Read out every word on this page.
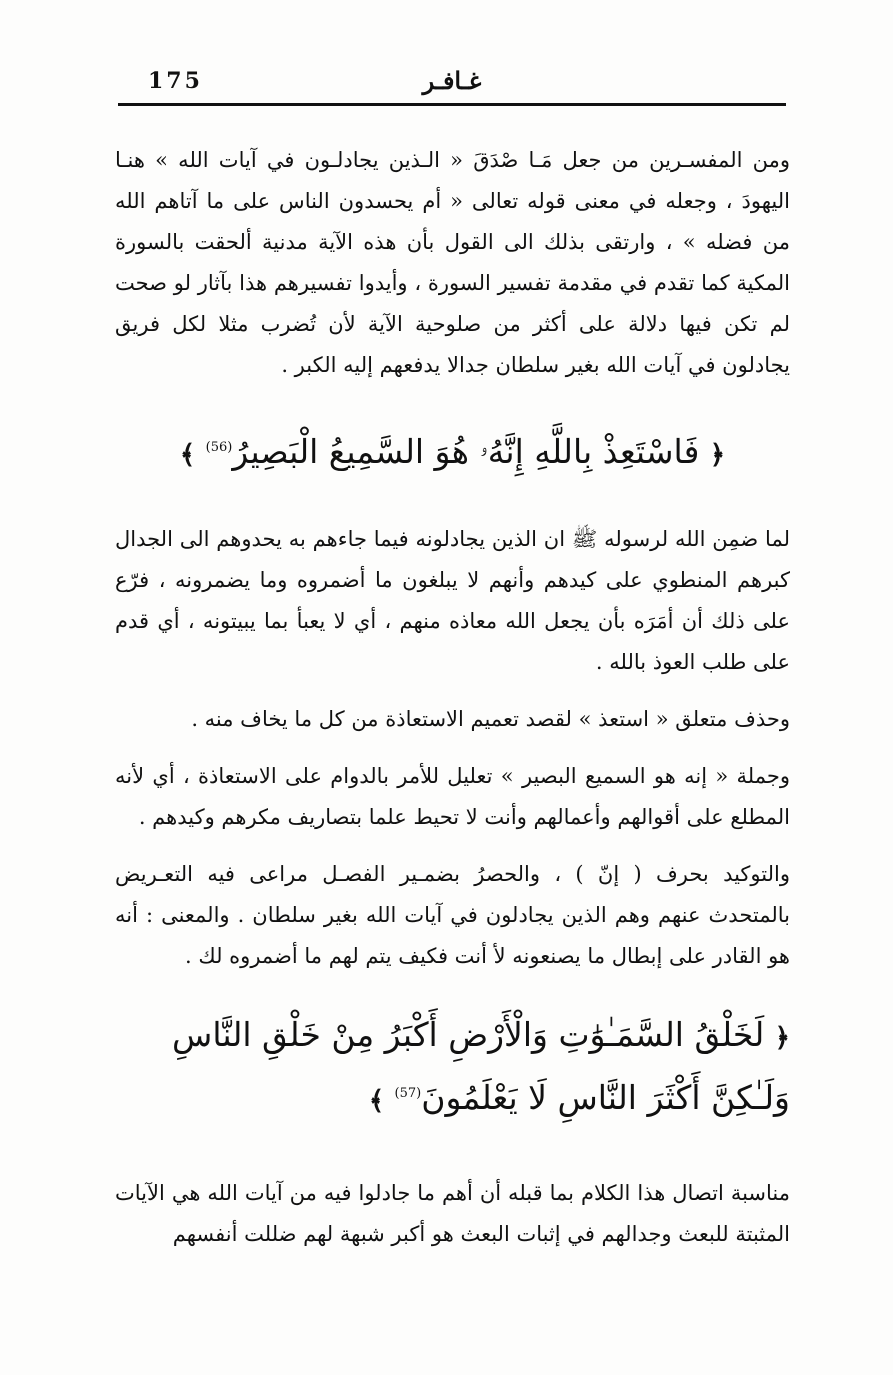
175	غـافـر

ومن المفسـرين من جعل مَـا صْدَقَ « الـذين يجادلـون في آيات الله » هنـا اليهودَ ، وجعله في معنى قوله تعالى « أم يحسدون الناس على ما آتاهم الله من فضله » ، وارتقى بذلك الى القول بأن هذه الآية مدنية ألحقت بالسورة المكية كما تقدم في مقدمة تفسير السورة ، وأيدوا تفسيرهم هذا بآثار لو صحت لم تكن فيها دلالة على أكثر من صلوحية الآية لأن تُضرب مثلا لكل فريق يجادلون في آيات الله بغير سلطان جدالا يدفعهم إليه الكبر .

﴿ فَاسْتَعِذْ بِاللَّهِ إِنَّهُۥ هُوَ السَّمِيعُ الْبَصِيرُ$^{(56)}$ ﴾

لما ضمِن الله لرسوله ﷺ ان الذين يجادلونه فيما جاءهم به يحدوهم الى الجدال كبرهم المنطوي على كيدهم وأنهم لا يبلغون ما أضمروه وما يضمرونه ، فرّع على ذلك أن أمَرَه بأن يجعل الله معاذه منهم ، أي لا يعبأ بما يبيتونه ، أي قدم على طلب العوذ بالله .

وحذف متعلق « استعذ » لقصد تعميم الاستعاذة من كل ما يخاف منه .

وجملة « إنه هو السميع البصير » تعليل للأمر بالدوام على الاستعاذة ، أي لأنه المطلع على أقوالهم وأعمالهم وأنت لا تحيط علما بتصاريف مكرهم وكيدهم .

والتوكيد بحرف ( إنّ ) ، والحصرُ بضمـير الفصـل مراعى فيه التعـريض بالمتحدث عنهم وهم الذين يجادلون في آيات الله بغير سلطان . والمعنى : أنه هو القادر على إبطال ما يصنعونه لأ أنت فكيف يتم لهم ما أضمروه لك .

﴿ لَخَلْقُ السَّمَـٰوَٰتِ وَالْأَرْضِ أَكْبَرُ مِنْ خَلْقِ النَّاسِ وَلَـٰكِنَّ أَكْثَرَ النَّاسِ لَا يَعْلَمُونَ$^{(57)}$ ﴾

مناسبة اتصال هذا الكلام بما قبله أن أهم ما جادلوا فيه من آيات الله هي الآيات المثبتة للبعث وجدالهم في إثبات البعث هو أكبر شبهة لهم ضللت أنفسهم
